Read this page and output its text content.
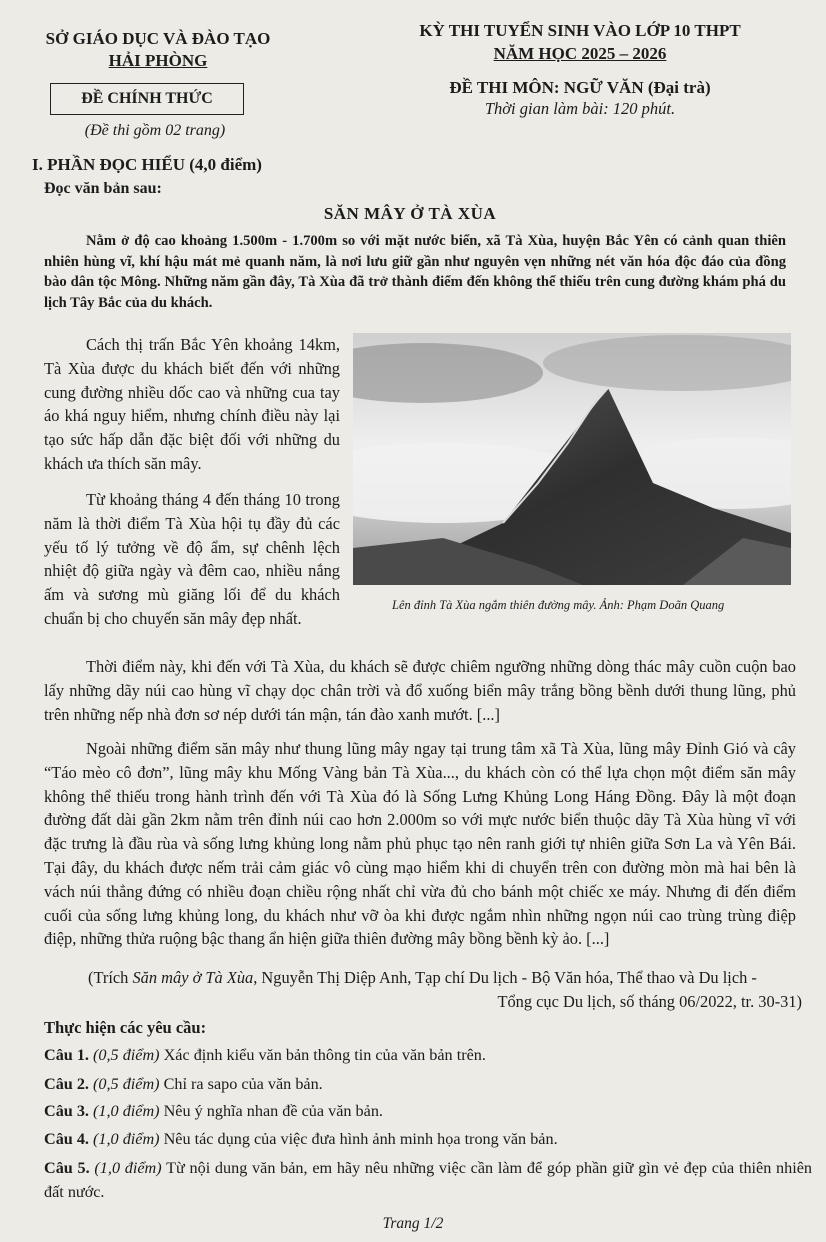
SỞ GIÁO DỤC VÀ ĐÀO TẠO
HẢI PHÒNG
ĐỀ CHÍNH THỨC
(Đề thi gồm 02 trang)
KỲ THI TUYỂN SINH VÀO LỚP 10 THPT
NĂM HỌC 2025 – 2026
ĐỀ THI MÔN: NGỮ VĂN (Đại trà)
Thời gian làm bài: 120 phút.
I. PHẦN ĐỌC HIỂU (4,0 điểm)
Đọc văn bản sau:
SĂN MÂY Ở TÀ XÙA
Nằm ở độ cao khoảng 1.500m - 1.700m so với mặt nước biển, xã Tà Xùa, huyện Bắc Yên có cảnh quan thiên nhiên hùng vĩ, khí hậu mát mẻ quanh năm, là nơi lưu giữ gần như nguyên vẹn những nét văn hóa độc đáo của đồng bào dân tộc Mông. Những năm gần đây, Tà Xùa đã trở thành điểm đến không thể thiếu trên cung đường khám phá du lịch Tây Bắc của du khách.
Cách thị trấn Bắc Yên khoảng 14km, Tà Xùa được du khách biết đến với những cung đường nhiều dốc cao và những cua tay áo khá nguy hiểm, nhưng chính điều này lại tạo sức hấp dẫn đặc biệt đối với những du khách ưa thích săn mây.
Từ khoảng tháng 4 đến tháng 10 trong năm là thời điểm Tà Xùa hội tụ đầy đủ các yếu tố lý tưởng về độ ẩm, sự chênh lệch nhiệt độ giữa ngày và đêm cao, nhiều nắng ấm và sương mù giăng lối để du khách chuẩn bị cho chuyến săn mây đẹp nhất.
Lên đỉnh Tà Xùa ngắm thiên đường mây. Ảnh: Phạm Doãn Quang
Thời điểm này, khi đến với Tà Xùa, du khách sẽ được chiêm ngưỡng những dòng thác mây cuồn cuộn bao lấy những dãy núi cao hùng vĩ chạy dọc chân trời và đổ xuống biển mây trắng bồng bềnh dưới thung lũng, phủ trên những nếp nhà đơn sơ nép dưới tán mận, tán đào xanh mướt. [...]
Ngoài những điểm săn mây như thung lũng mây ngay tại trung tâm xã Tà Xùa, lũng mây Đỉnh Gió và cây “Táo mèo cô đơn”, lũng mây khu Mống Vàng bản Tà Xùa..., du khách còn có thể lựa chọn một điểm săn mây không thể thiếu trong hành trình đến với Tà Xùa đó là Sống Lưng Khủng Long Háng Đồng. Đây là một đoạn đường đất dài gần 2km nằm trên đỉnh núi cao hơn 2.000m so với mực nước biển thuộc dãy Tà Xùa hùng vĩ với đặc trưng là đầu rùa và sống lưng khủng long nằm phủ phục tạo nên ranh giới tự nhiên giữa Sơn La và Yên Bái. Tại đây, du khách được nếm trải cảm giác vô cùng mạo hiểm khi di chuyển trên con đường mòn mà hai bên là vách núi thẳng đứng có nhiều đoạn chiều rộng nhất chỉ vừa đủ cho bánh một chiếc xe máy. Nhưng đi đến điểm cuối của sống lưng khủng long, du khách như vỡ òa khi được ngắm nhìn những ngọn núi cao trùng trùng điệp điệp, những thửa ruộng bậc thang ẩn hiện giữa thiên đường mây bồng bềnh kỳ ảo. [...]
(Trích Săn mây ở Tà Xùa, Nguyễn Thị Diệp Anh, Tạp chí Du lịch - Bộ Văn hóa, Thể thao và Du lịch -
Tổng cục Du lịch, số tháng 06/2022, tr. 30-31)
Thực hiện các yêu cầu:
Câu 1. (0,5 điểm) Xác định kiểu văn bản thông tin của văn bản trên.
Câu 2. (0,5 điểm) Chỉ ra sapo của văn bản.
Câu 3. (1,0 điểm) Nêu ý nghĩa nhan đề của văn bản.
Câu 4. (1,0 điểm) Nêu tác dụng của việc đưa hình ảnh minh họa trong văn bản.
Câu 5. (1,0 điểm) Từ nội dung văn bản, em hãy nêu những việc cần làm để góp phần giữ gìn vẻ đẹp của thiên nhiên đất nước.
Trang 1/2
